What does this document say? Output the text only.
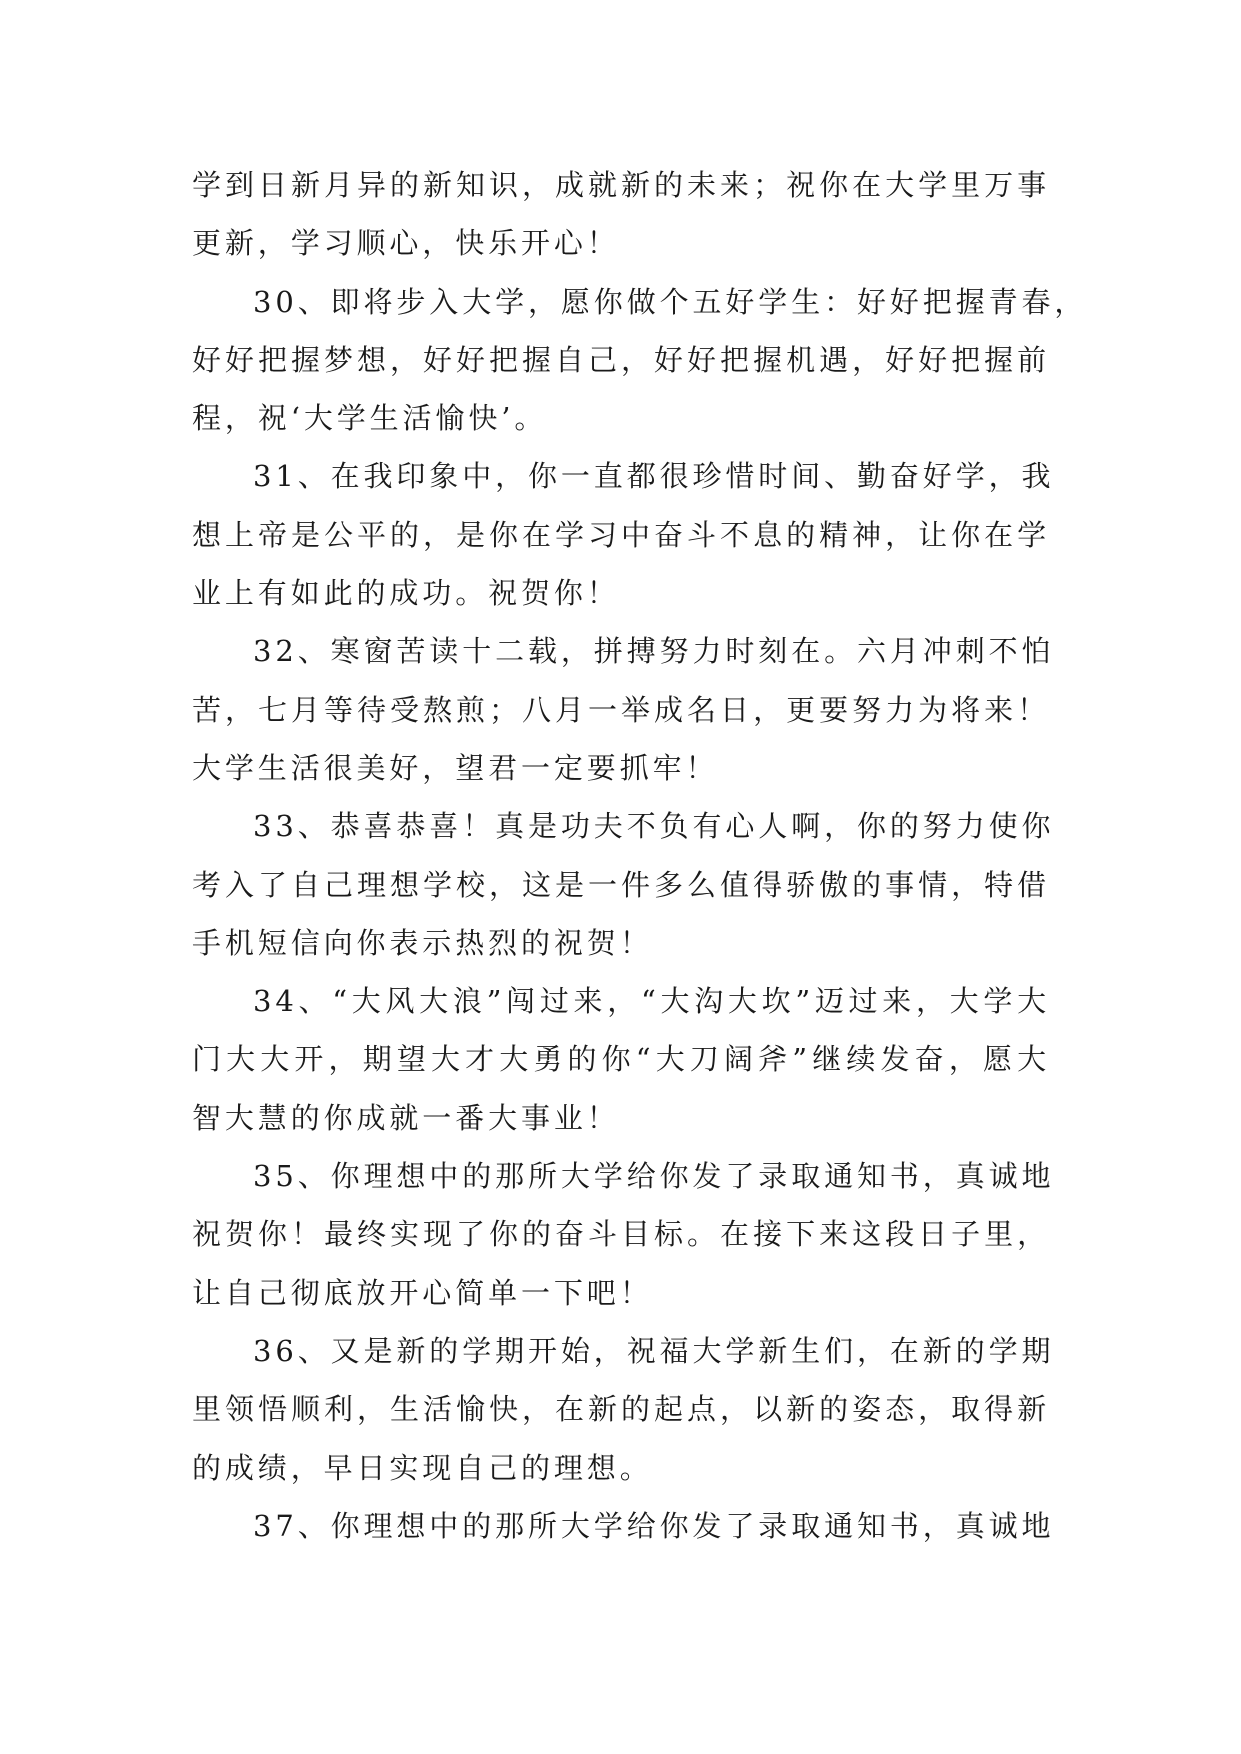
学到日新月异的新知识，成就新的未来；祝你在大学里万事
更新，学习顺心，快乐开心！
30、即将步入大学，愿你做个五好学生：好好把握青春，
好好把握梦想，好好把握自己，好好把握机遇，好好把握前
程，祝‘大学生活愉快’。
31、在我印象中，你一直都很珍惜时间、勤奋好学，我
想上帝是公平的，是你在学习中奋斗不息的精神，让你在学
业上有如此的成功。祝贺你！
32、寒窗苦读十二载，拼搏努力时刻在。六月冲刺不怕
苦，七月等待受熬煎；八月一举成名日，更要努力为将来！
大学生活很美好，望君一定要抓牢！
33、恭喜恭喜！真是功夫不负有心人啊，你的努力使你
考入了自己理想学校，这是一件多么值得骄傲的事情，特借
手机短信向你表示热烈的祝贺！
34、“大风大浪”闯过来，“大沟大坎”迈过来，大学大
门大大开，期望大才大勇的你“大刀阔斧”继续发奋，愿大
智大慧的你成就一番大事业！
35、你理想中的那所大学给你发了录取通知书，真诚地
祝贺你！最终实现了你的奋斗目标。在接下来这段日子里，
让自己彻底放开心简单一下吧！
36、又是新的学期开始，祝福大学新生们，在新的学期
里领悟顺利，生活愉快，在新的起点，以新的姿态，取得新
的成绩，早日实现自己的理想。
37、你理想中的那所大学给你发了录取通知书，真诚地
